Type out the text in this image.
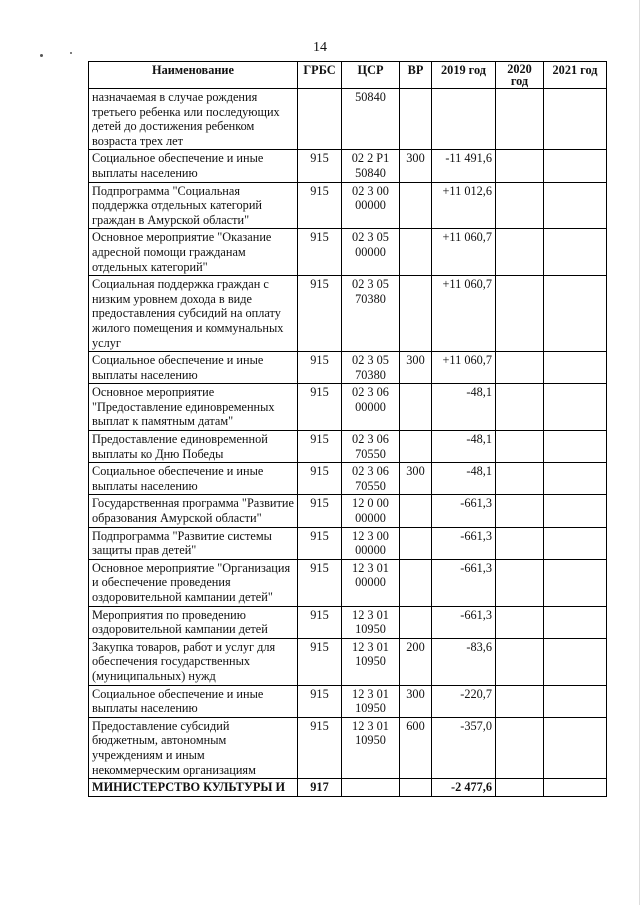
14
Наименование	ГРБС	ЦСР	ВР	2019 год	2020 год	2021 год
назначаемая в случае рождения третьего ребенка или последующих детей до достижения ребенком возраста трех лет		50840				
Социальное обеспечение и иные выплаты населению	915	02 2 P1 50840	300	-11 491,6		
Подпрограмма "Социальная поддержка отдельных категорий граждан в Амурской области"	915	02 3 00 00000		+11 012,6		
Основное мероприятие "Оказание адресной помощи гражданам отдельных категорий"	915	02 3 05 00000		+11 060,7		
Социальная поддержка граждан с низким уровнем дохода в виде предоставления субсидий на оплату жилого помещения и коммунальных услуг	915	02 3 05 70380		+11 060,7		
Социальное обеспечение и иные выплаты населению	915	02 3 05 70380	300	+11 060,7		
Основное мероприятие "Предоставление единовременных выплат к памятным датам"	915	02 3 06 00000		-48,1		
Предоставление единовременной выплаты ко Дню Победы	915	02 3 06 70550		-48,1		
Социальное обеспечение и иные выплаты населению	915	02 3 06 70550	300	-48,1		
Государственная программа "Развитие образования Амурской области"	915	12 0 00 00000		-661,3		
Подпрограмма "Развитие системы защиты прав детей"	915	12 3 00 00000		-661,3		
Основное мероприятие "Организация и обеспечение проведения оздоровительной кампании детей"	915	12 3 01 00000		-661,3		
Мероприятия по проведению оздоровительной кампании детей	915	12 3 01 10950		-661,3		
Закупка товаров, работ и услуг для обеспечения государственных (муниципальных) нужд	915	12 3 01 10950	200	-83,6		
Социальное обеспечение и иные выплаты населению	915	12 3 01 10950	300	-220,7		
Предоставление субсидий бюджетным, автономным учреждениям и иным некоммерческим организациям	915	12 3 01 10950	600	-357,0		
МИНИСТЕРСТВО КУЛЬТУРЫ И	917			-2 477,6		
